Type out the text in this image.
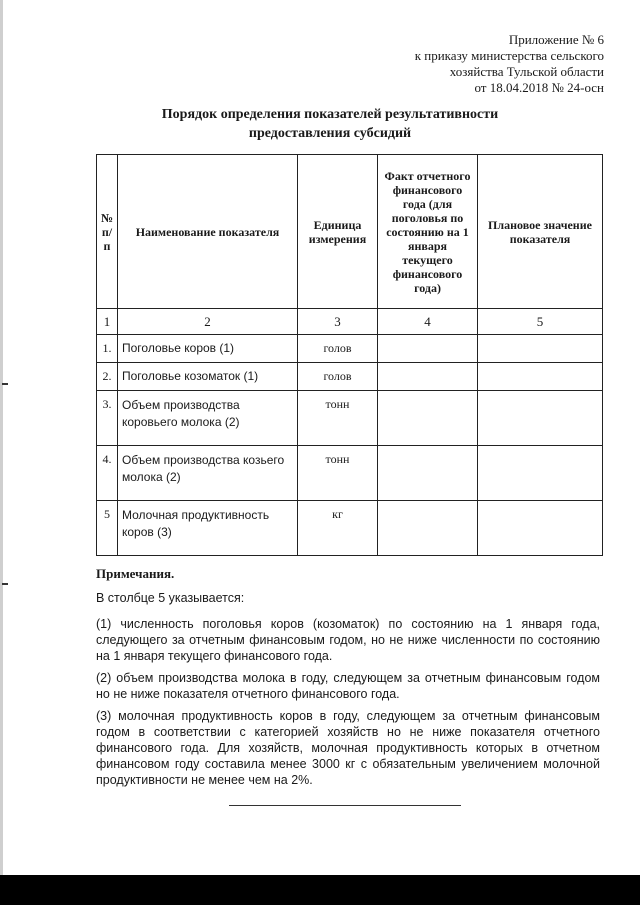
Приложение № 6
к приказу министерства сельского
хозяйства Тульской области
от 18.04.2018 № 24-осн
Порядок определения показателей результативности
предоставления субсидий
№ п/п	Наименование показателя	Единица измерения	Факт отчетного финансового года (для поголовья по состоянию на 1 января текущего финансового года)	Плановое значение показателя
1	2	3	4	5
1.	Поголовье коров (1)	голов		
2.	Поголовье козоматок (1)	голов		
3.	Объем производства коровьего молока (2)	тонн		
4.	Объем производства козьего молока (2)	тонн		
5	Молочная продуктивность коров (3)	кг		
Примечания.
В столбце 5 указывается:
(1) численность поголовья коров (козоматок) по состоянию на 1 января года, следующего за отчетным финансовым годом, но не ниже численности по состоянию на 1 января текущего финансового года.
(2) объем производства молока в году, следующем за отчетным финансовым годом но не ниже показателя отчетного финансового года.
(3) молочная продуктивность коров в году, следующем за отчетным финансовым годом в соответствии с категорией хозяйств но не ниже показателя отчетного финансового года. Для хозяйств, молочная продуктивность которых в отчетном финансовом году составила менее 3000 кг с обязательным увеличением молочной продуктивности не менее чем на 2%.
